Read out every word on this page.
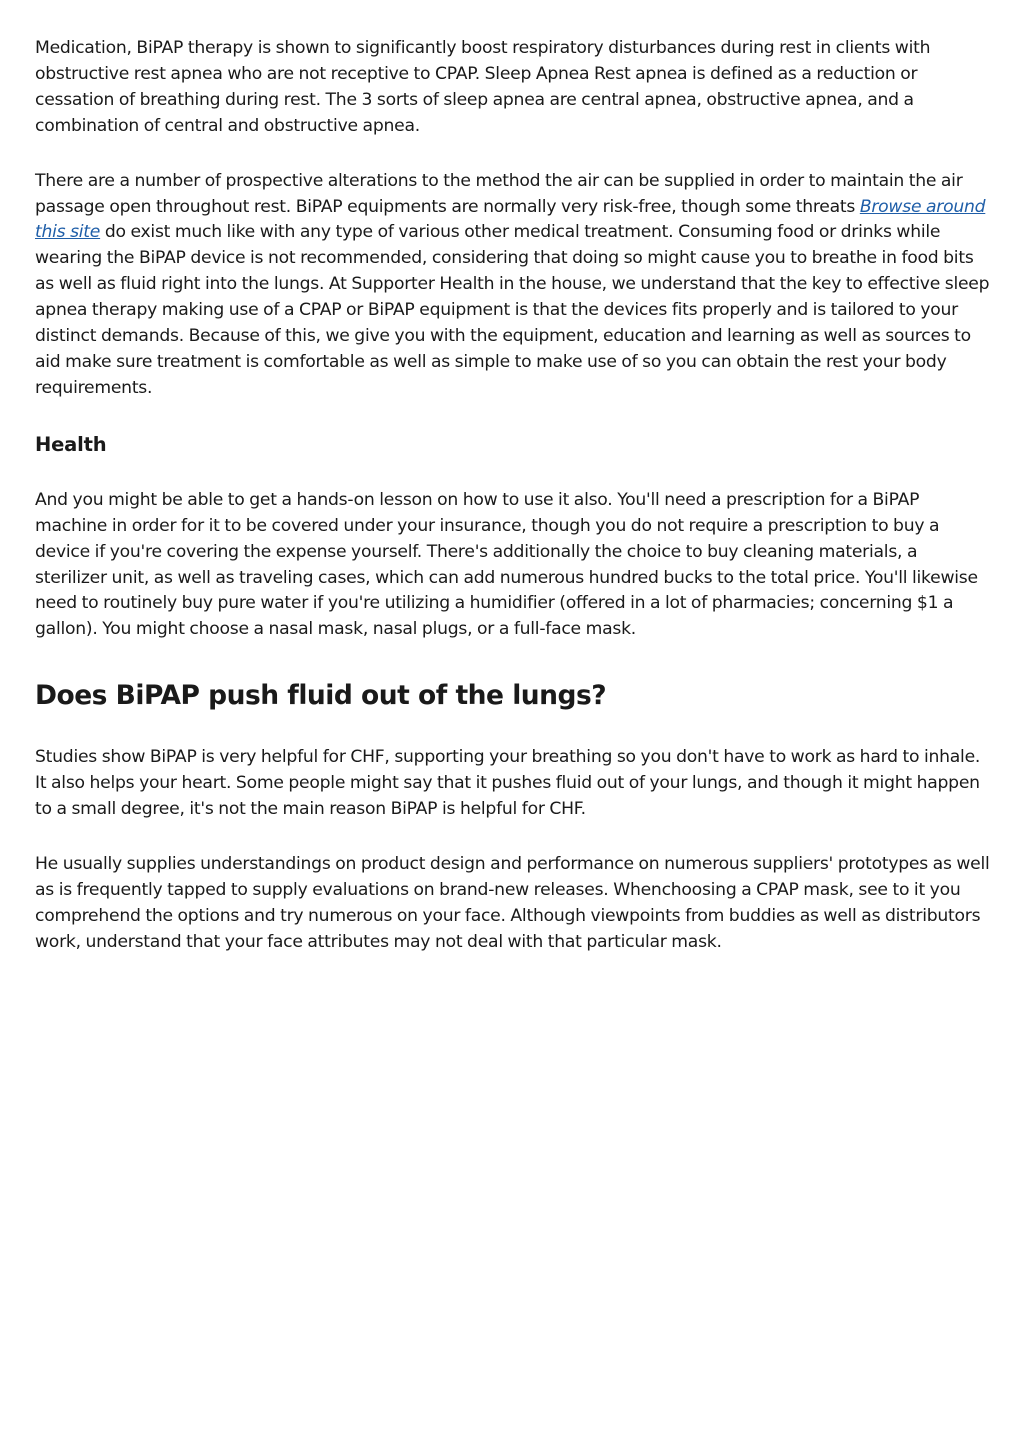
Medication, BiPAP therapy is shown to significantly boost respiratory disturbances during rest in clients with obstructive rest apnea who are not receptive to CPAP. Sleep Apnea Rest apnea is defined as a reduction or cessation of breathing during rest. The 3 sorts of sleep apnea are central apnea, obstructive apnea, and a combination of central and obstructive apnea.

There are a number of prospective alterations to the method the air can be supplied in order to maintain the air passage open throughout rest. BiPAP equipments are normally very risk-free, though some threats Browse around this site do exist much like with any type of various other medical treatment. Consuming food or drinks while wearing the BiPAP device is not recommended, considering that doing so might cause you to breathe in food bits as well as fluid right into the lungs. At Supporter Health in the house, we understand that the key to effective sleep apnea therapy making use of a CPAP or BiPAP equipment is that the devices fits properly and is tailored to your distinct demands. Because of this, we give you with the equipment, education and learning as well as sources to aid make sure treatment is comfortable as well as simple to make use of so you can obtain the rest your body requirements.

Health

And you might be able to get a hands-on lesson on how to use it also. You'll need a prescription for a BiPAP machine in order for it to be covered under your insurance, though you do not require a prescription to buy a device if you're covering the expense yourself. There's additionally the choice to buy cleaning materials, a sterilizer unit, as well as traveling cases, which can add numerous hundred bucks to the total price. You'll likewise need to routinely buy pure water if you're utilizing a humidifier (offered in a lot of pharmacies; concerning $1 a gallon). You might choose a nasal mask, nasal plugs, or a full-face mask.

Does BiPAP push fluid out of the lungs?

Studies show BiPAP is very helpful for CHF, supporting your breathing so you don't have to work as hard to inhale. It also helps your heart. Some people might say that it pushes fluid out of your lungs, and though it might happen to a small degree, it's not the main reason BiPAP is helpful for CHF.

He usually supplies understandings on product design and performance on numerous suppliers' prototypes as well as is frequently tapped to supply evaluations on brand-new releases. Whenchoosing a CPAP mask, see to it you comprehend the options and try numerous on your face. Although viewpoints from buddies as well as distributors work, understand that your face attributes may not deal with that particular mask.
